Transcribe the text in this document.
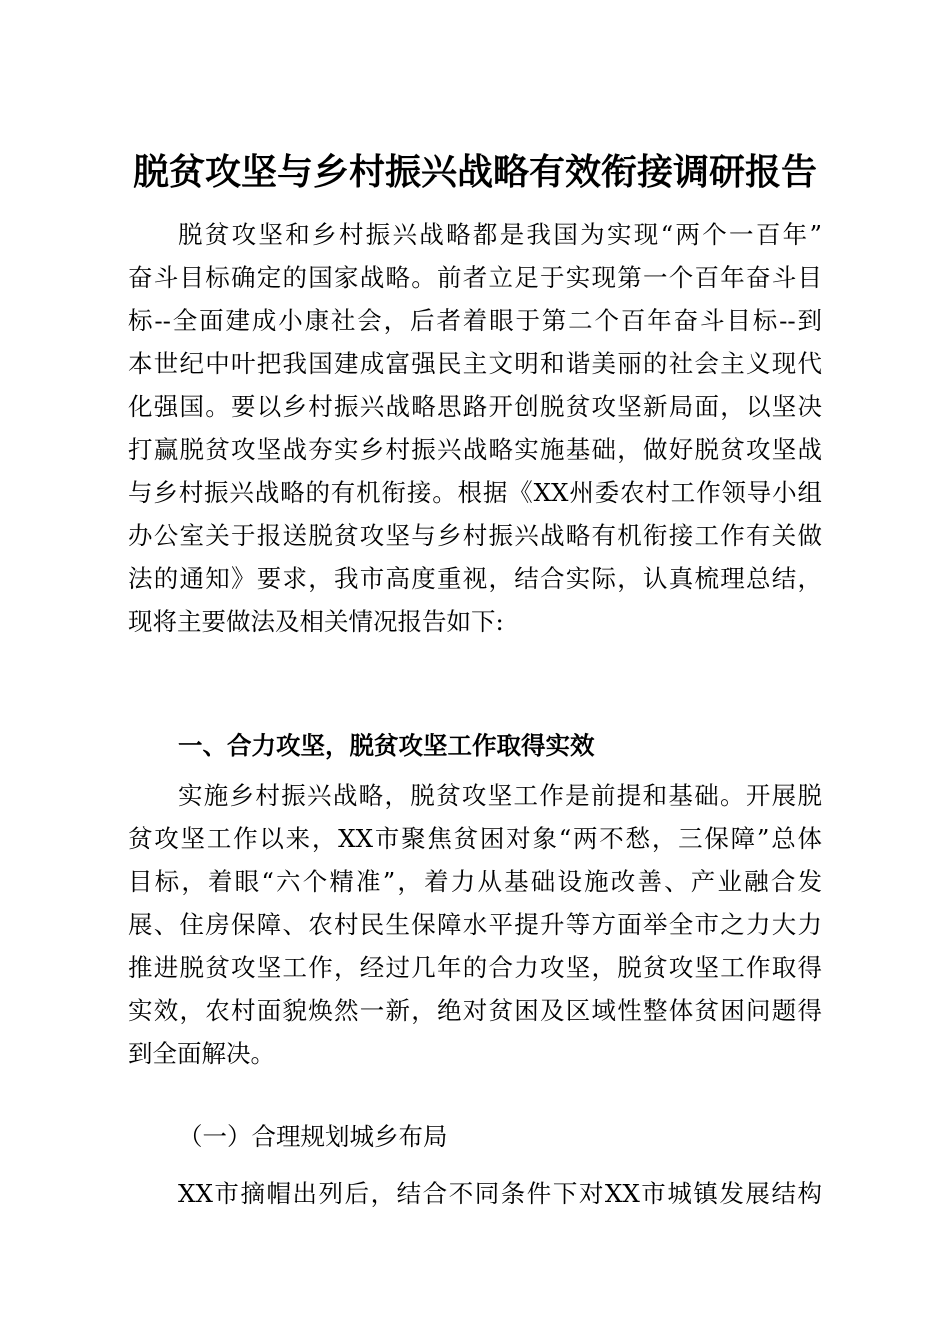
脱贫攻坚与乡村振兴战略有效衔接调研报告
脱贫攻坚和乡村振兴战略都是我国为实现“两个一百年”
奋斗目标确定的国家战略。前者立足于实现第一个百年奋斗目
标--全面建成小康社会，后者着眼于第二个百年奋斗目标--到
本世纪中叶把我国建成富强民主文明和谐美丽的社会主义现代
化强国。要以乡村振兴战略思路开创脱贫攻坚新局面，以坚决
打赢脱贫攻坚战夯实乡村振兴战略实施基础，做好脱贫攻坚战
与乡村振兴战略的有机衔接。根据《XX州委农村工作领导小组
办公室关于报送脱贫攻坚与乡村振兴战略有机衔接工作有关做
法的通知》要求，我市高度重视，结合实际，认真梳理总结，
现将主要做法及相关情况报告如下:
一、合力攻坚，脱贫攻坚工作取得实效
实施乡村振兴战略，脱贫攻坚工作是前提和基础。开展脱
贫攻坚工作以来，XX市聚焦贫困对象“两不愁，三保障”总体
目标，着眼“六个精准”，着力从基础设施改善、产业融合发
展、住房保障、农村民生保障水平提升等方面举全市之力大力
推进脱贫攻坚工作，经过几年的合力攻坚，脱贫攻坚工作取得
实效，农村面貌焕然一新，绝对贫困及区域性整体贫困问题得
到全面解决。
（一）合理规划城乡布局
XX市摘帽出列后，结合不同条件下对XX市城镇发展结构
